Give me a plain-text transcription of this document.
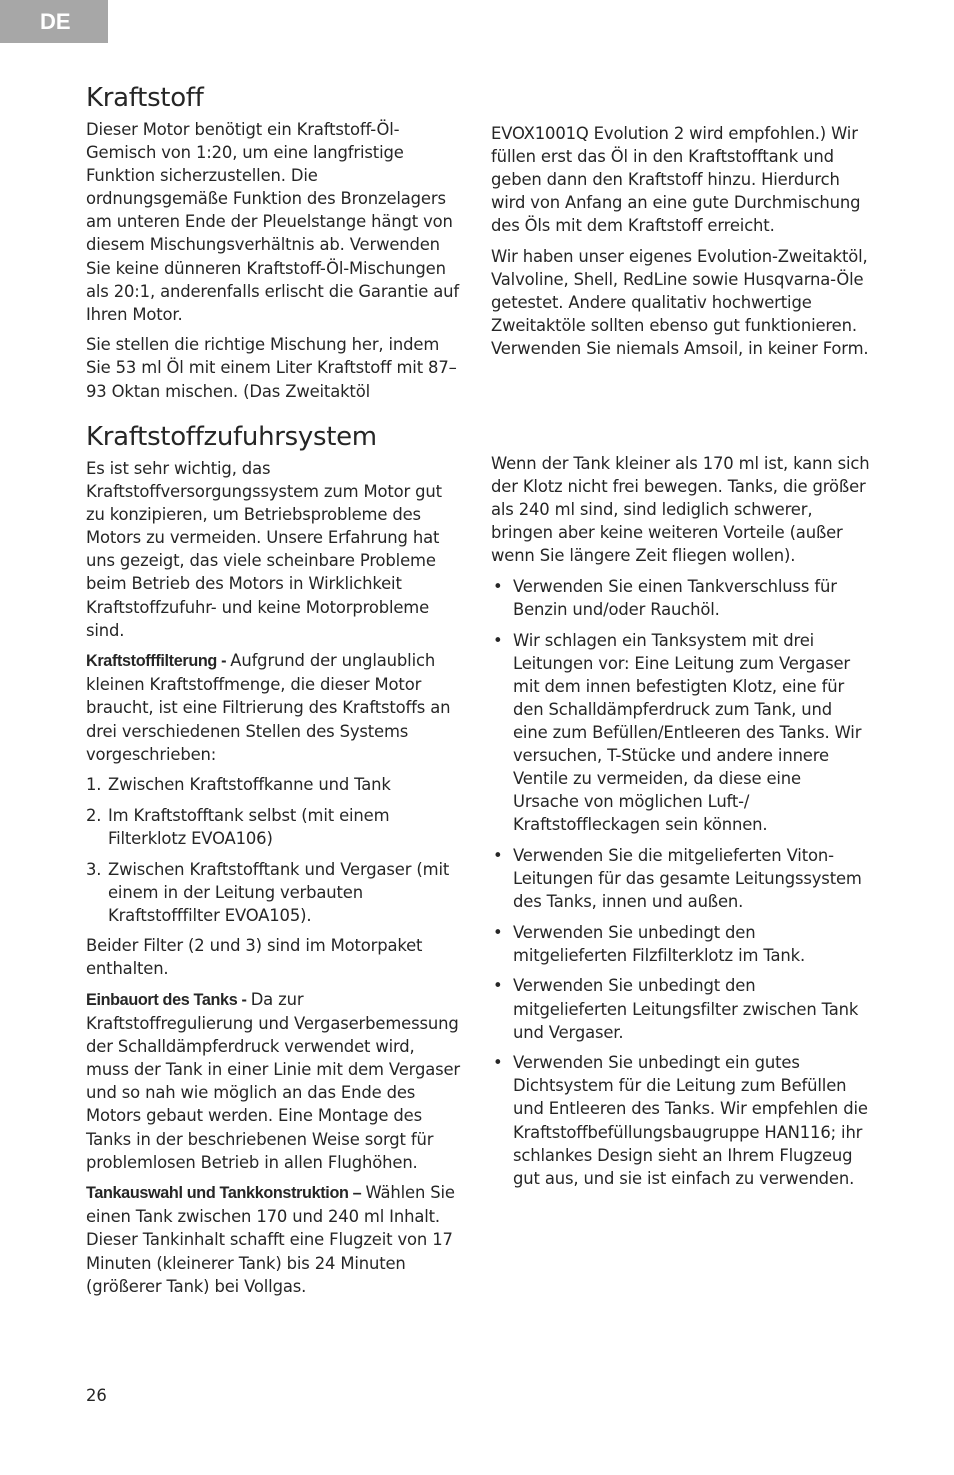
DE
Kraftstoff

Dieser Motor benötigt ein Kraftstoff-Öl-Gemisch von 1:20, um eine langfristige Funktion sicherzustellen. Die ordnungsgemäße Funktion des Bronzelagers am unteren Ende der Pleuelstange hängt von diesem Mischungsverhältnis ab. Verwenden Sie keine dünneren Kraftstoff-Öl-Mischungen als 20:1, anderenfalls erlischt die Garantie auf Ihren Motor.

Sie stellen die richtige Mischung her, indem Sie 53 ml Öl mit einem Liter Kraftstoff mit 87–93 Oktan mischen. (Das Zweitaktöl

EVOX1001Q Evolution 2 wird empfohlen.) Wir füllen erst das Öl in den Kraftstofftank und geben dann den Kraftstoff hinzu. Hierdurch wird von Anfang an eine gute Durchmischung des Öls mit dem Kraftstoff erreicht.

Wir haben unser eigenes Evolution-Zweitaktöl, Valvoline, Shell, RedLine sowie Husqvarna-Öle getestet. Andere qualitativ hochwertige Zweitaktöle sollten ebenso gut funktionieren. Verwenden Sie niemals Amsoil, in keiner Form.

Kraftstoffzufuhrsystem

Es ist sehr wichtig, das Kraftstoffversorgungssystem zum Motor gut zu konzipieren, um Betriebsprobleme des Motors zu vermeiden. Unsere Erfahrung hat uns gezeigt, das viele scheinbare Probleme beim Betrieb des Motors in Wirklichkeit Kraftstoffzufuhr- und keine Motorprobleme sind.

Kraftstofffilterung - Aufgrund der unglaublich kleinen Kraftstoffmenge, die dieser Motor braucht, ist eine Filtrierung des Kraftstoffs an drei verschiedenen Stellen des Systems vorgeschrieben:

1. Zwischen Kraftstoffkanne und Tank
2. Im Kraftstofftank selbst (mit einem Filterklotz EVOA106)
3. Zwischen Kraftstofftank und Vergaser (mit einem in der Leitung verbauten Kraftstofffilter EVOA105).

Beider Filter (2 und 3) sind im Motorpaket enthalten.

Einbauort des Tanks - Da zur Kraftstoffregulierung und Vergaserbemessung der Schalldämpferdruck verwendet wird, muss der Tank in einer Linie mit dem Vergaser und so nah wie möglich an das Ende des Motors gebaut werden. Eine Montage des Tanks in der beschriebenen Weise sorgt für problemlosen Betrieb in allen Flughöhen.

Tankauswahl und Tankkonstruktion – Wählen Sie einen Tank zwischen 170 und 240 ml Inhalt. Dieser Tankinhalt schafft eine Flugzeit von 17 Minuten (kleinerer Tank) bis 24 Minuten (größerer Tank) bei Vollgas.

Wenn der Tank kleiner als 170 ml ist, kann sich der Klotz nicht frei bewegen. Tanks, die größer als 240 ml sind, sind lediglich schwerer, bringen aber keine weiteren Vorteile (außer wenn Sie längere Zeit fliegen wollen).

• Verwenden Sie einen Tankverschluss für Benzin und/oder Rauchöl.
• Wir schlagen ein Tanksystem mit drei Leitungen vor: Eine Leitung zum Vergaser mit dem innen befestigten Klotz, eine für den Schalldämpferdruck zum Tank, und eine zum Befüllen/Entleeren des Tanks. Wir versuchen, T-Stücke und andere innere Ventile zu vermeiden, da diese eine Ursache von möglichen Luft-/ Kraftstoffleckagen sein können.
• Verwenden Sie die mitgelieferten Viton-Leitungen für das gesamte Leitungssystem des Tanks, innen und außen.
• Verwenden Sie unbedingt den mitgelieferten Filzfilterklotz im Tank.
• Verwenden Sie unbedingt den mitgelieferten Leitungsfilter zwischen Tank und Vergaser.
• Verwenden Sie unbedingt ein gutes Dichtsystem für die Leitung zum Befüllen und Entleeren des Tanks. Wir empfehlen die Kraftstoffbefüllungsbaugruppe HAN116; ihr schlankes Design sieht an Ihrem Flugzeug gut aus, und sie ist einfach zu verwenden.
26
